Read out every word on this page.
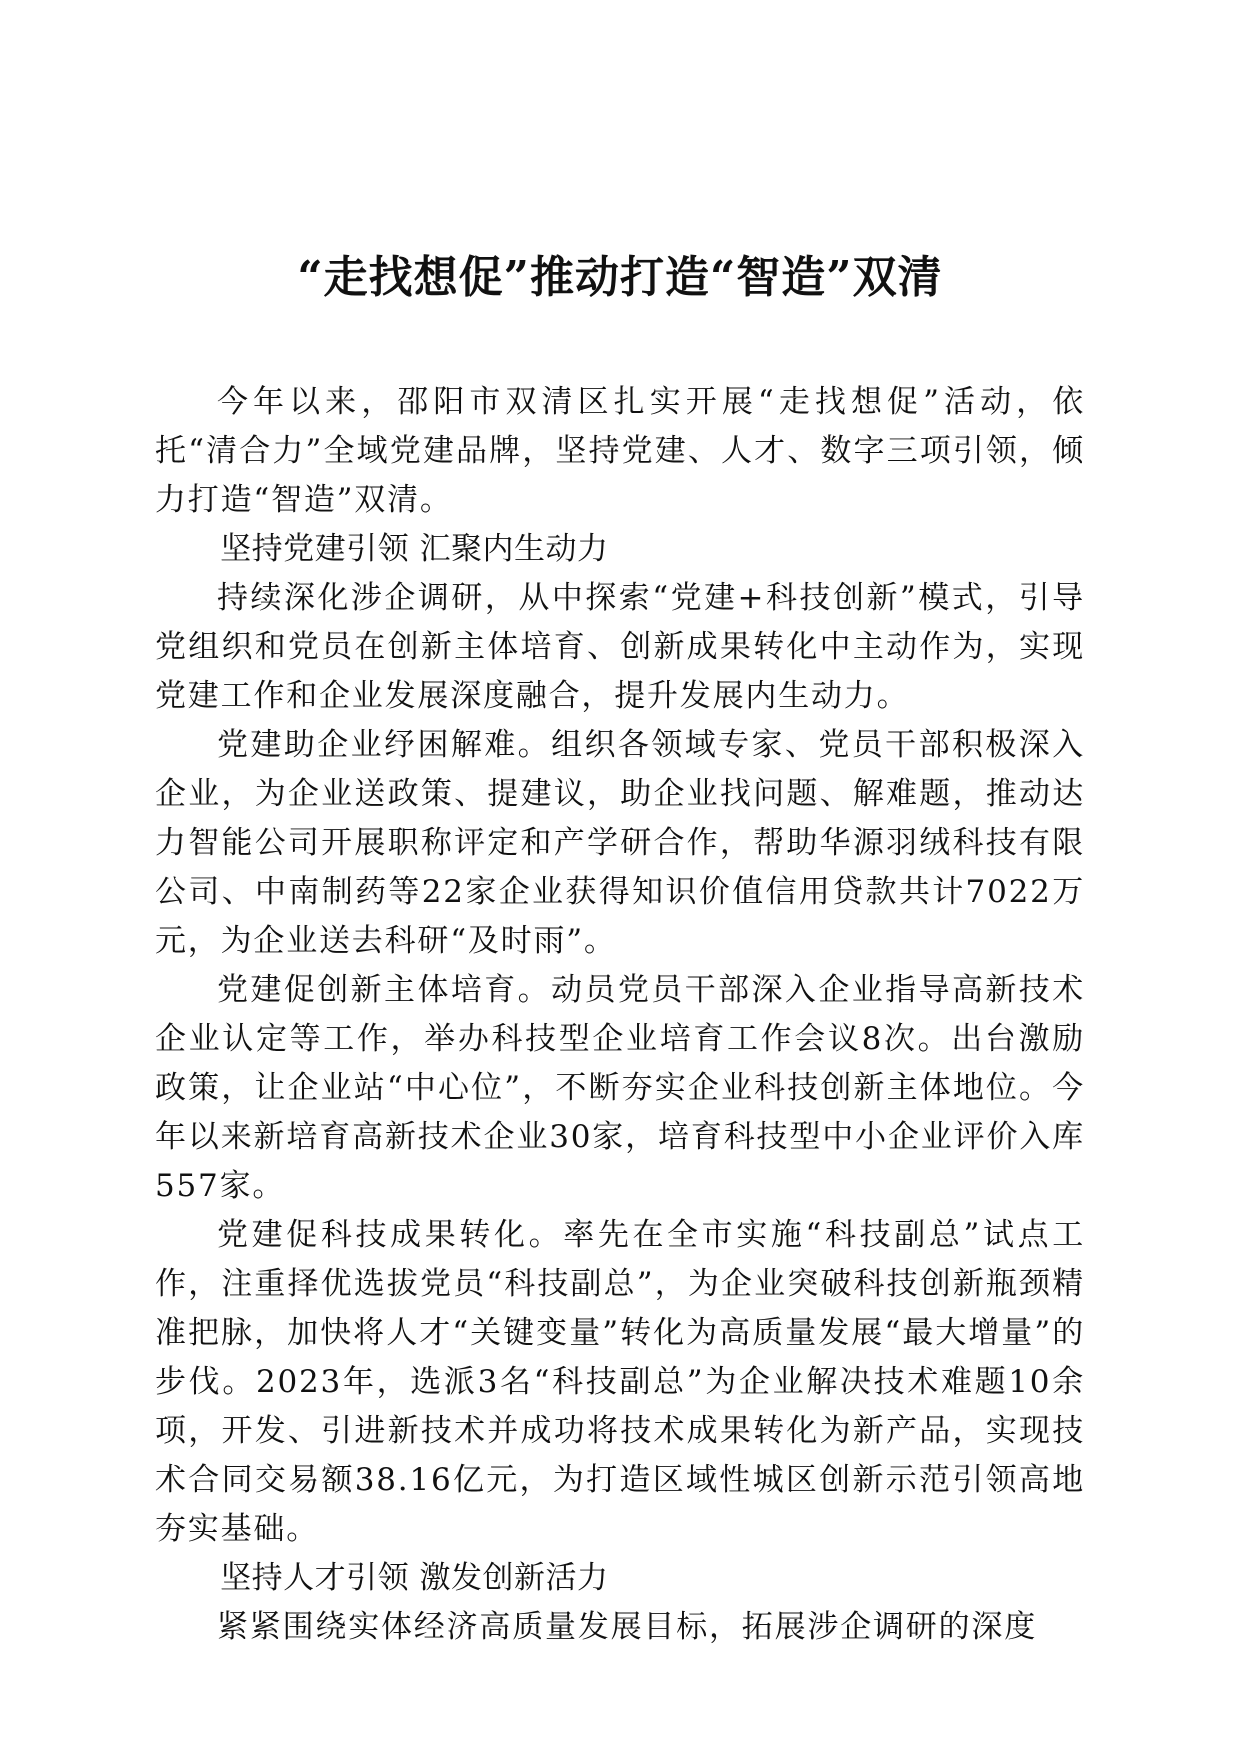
“走找想促”推动打造“智造”双清

今年以来，邵阳市双清区扎实开展“走找想促”活动，依托“清合力”全域党建品牌，坚持党建、人才、数字三项引领，倾力打造“智造”双清。

坚持党建引领 汇聚内生动力

持续深化涉企调研，从中探索“党建+科技创新”模式，引导党组织和党员在创新主体培育、创新成果转化中主动作为，实现党建工作和企业发展深度融合，提升发展内生动力。

党建助企业纾困解难。组织各领域专家、党员干部积极深入企业，为企业送政策、提建议，助企业找问题、解难题，推动达力智能公司开展职称评定和产学研合作，帮助华源羽绒科技有限公司、中南制药等22家企业获得知识价值信用贷款共计7022万元，为企业送去科研“及时雨”。

党建促创新主体培育。动员党员干部深入企业指导高新技术企业认定等工作，举办科技型企业培育工作会议8次。出台激励政策，让企业站“中心位”，不断夯实企业科技创新主体地位。今年以来新培育高新技术企业30家，培育科技型中小企业评价入库557家。

党建促科技成果转化。率先在全市实施“科技副总”试点工作，注重择优选拔党员“科技副总”，为企业突破科技创新瓶颈精准把脉，加快将人才“关键变量”转化为高质量发展“最大增量”的步伐。2023年，选派3名“科技副总”为企业解决技术难题10余项，开发、引进新技术并成功将技术成果转化为新产品，实现技术合同交易额38.16亿元，为打造区域性城区创新示范引领高地夯实基础。

坚持人才引领 激发创新活力

紧紧围绕实体经济高质量发展目标，拓展涉企调研的深度
